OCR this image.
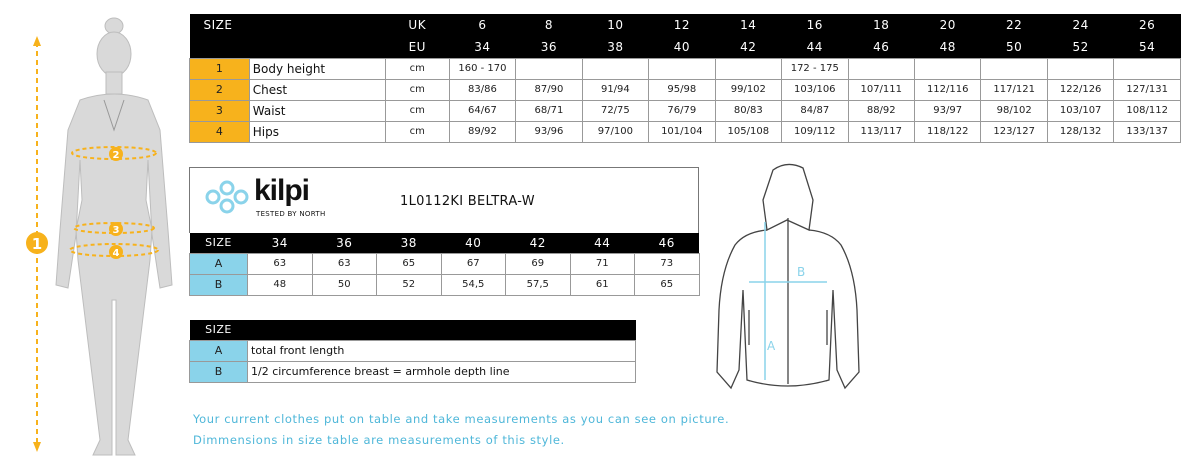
1
2
3
4
SIZE		UK	6	8	10	12	14	16	18	20	22	24	26
		EU	34	36	38	40	42	44	46	48	50	52	54
1	Body height	cm	160 - 170					172 - 175					
2	Chest	cm	83/86	87/90	91/94	95/98	99/102	103/106	107/111	112/116	117/121	122/126	127/131
3	Waist	cm	64/67	68/71	72/75	76/79	80/83	84/87	88/92	93/97	98/102	103/107	108/112
4	Hips	cm	89/92	93/96	97/100	101/104	105/108	109/112	113/117	118/122	123/127	128/132	133/137
kilpi
TESTED BY NORTH
1L0112KI BELTRA-W
SIZE	34	36	38	40	42	44	46
A	63	63	65	67	69	71	73
B	48	50	52	54,5	57,5	61	65
SIZE	
A	total front length
B	1/2 circumference breast = armhole depth line
A
B
Your current clothes put on table and take measurements as you can see on picture.
Dimmensions in size table are measurements of this style.
